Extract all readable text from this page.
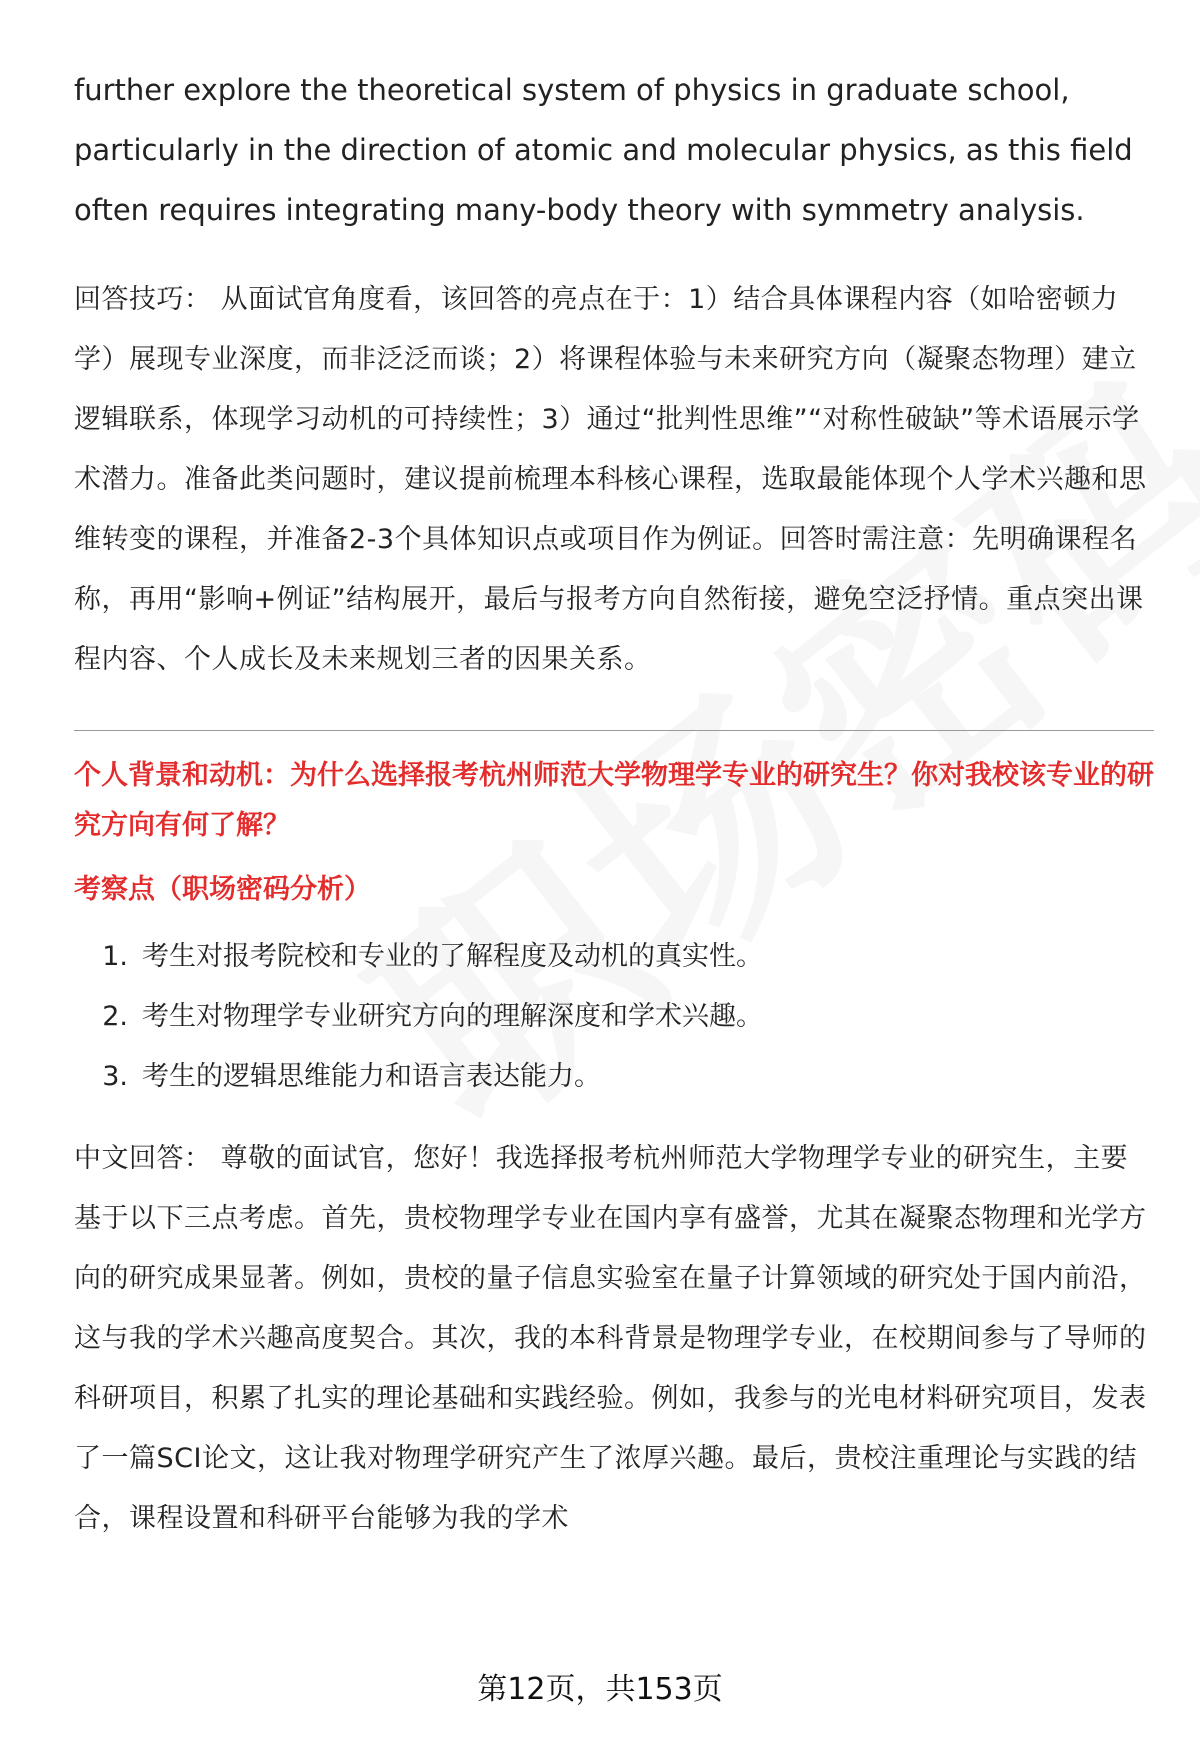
further explore the theoretical system of physics in graduate school, particularly in the direction of atomic and molecular physics, as this field often requires integrating many-body theory with symmetry analysis.

回答技巧： 从面试官角度看，该回答的亮点在于：1）结合具体课程内容（如哈密顿力学）展现专业深度，而非泛泛而谈；2）将课程体验与未来研究方向（凝聚态物理）建立逻辑联系，体现学习动机的可持续性；3）通过“批判性思维”“对称性破缺”等术语展示学术潜力。准备此类问题时，建议提前梳理本科核心课程，选取最能体现个人学术兴趣和思维转变的课程，并准备2-3个具体知识点或项目作为例证。回答时需注意：先明确课程名称，再用“影响+例证”结构展开，最后与报考方向自然衔接，避免空泛抒情。重点突出课程内容、个人成长及未来规划三者的因果关系。

个人背景和动机：为什么选择报考杭州师范大学物理学专业的研究生？你对我校该专业的研究方向有何了解？

考察点（职场密码分析）

1. 考生对报考院校和专业的了解程度及动机的真实性。
2. 考生对物理学专业研究方向的理解深度和学术兴趣。
3. 考生的逻辑思维能力和语言表达能力。

中文回答： 尊敬的面试官，您好！我选择报考杭州师范大学物理学专业的研究生，主要基于以下三点考虑。首先，贵校物理学专业在国内享有盛誉，尤其在凝聚态物理和光学方向的研究成果显著。例如，贵校的量子信息实验室在量子计算领域的研究处于国内前沿，这与我的学术兴趣高度契合。其次，我的本科背景是物理学专业，在校期间参与了导师的科研项目，积累了扎实的理论基础和实践经验。例如，我参与的光电材料研究项目，发表了一篇SCI论文，这让我对物理学研究产生了浓厚兴趣。最后，贵校注重理论与实践的结合，课程设置和科研平台能够为我的学术

第12页，共153页
